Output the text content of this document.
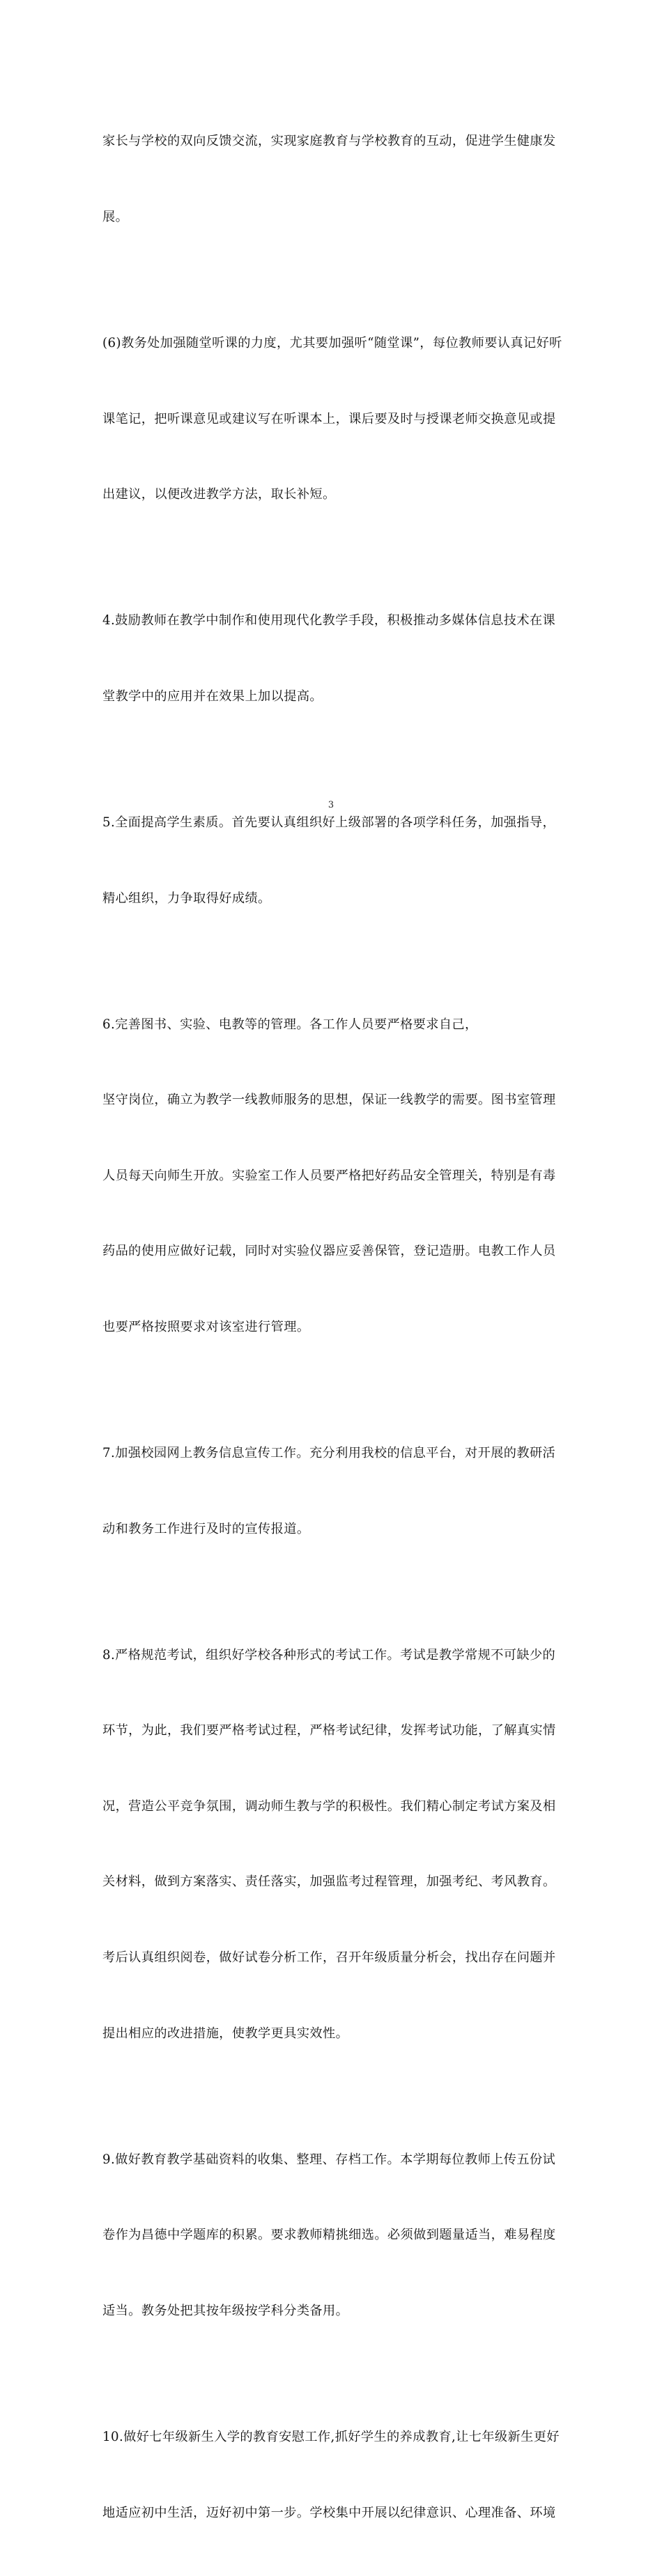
家长与学校的双向反馈交流，实现家庭教育与学校教育的互动，促进学生健康发

展。

(6)教务处加强随堂听课的力度，尤其要加强听“随堂课”，每位教师要认真记好听

课笔记，把听课意见或建议写在听课本上，课后要及时与授课老师交换意见或提

出建议，以便改进教学方法，取长补短。

4.鼓励教师在教学中制作和使用现代化教学手段，积极推动多媒体信息技术在课

堂教学中的应用并在效果上加以提高。

5.全面提高学生素质。首先要认真组织好上级部署的各项学科任务，加强指导，

精心组织，力争取得好成绩。

6.完善图书、实验、电教等的管理。各工作人员要严格要求自己，

坚守岗位，确立为教学一线教师服务的思想，保证一线教学的需要。图书室管理

人员每天向师生开放。实验室工作人员要严格把好药品安全管理关，特别是有毒

药品的使用应做好记载，同时对实验仪器应妥善保管，登记造册。电教工作人员

也要严格按照要求对该室进行管理。

7.加强校园网上教务信息宣传工作。充分利用我校的信息平台，对开展的教研活

动和教务工作进行及时的宣传报道。

8.严格规范考试，组织好学校各种形式的考试工作。考试是教学常规不可缺少的

环节，为此，我们要严格考试过程，严格考试纪律，发挥考试功能，了解真实情

况，营造公平竞争氛围，调动师生教与学的积极性。我们精心制定考试方案及相

关材料，做到方案落实、责任落实，加强监考过程管理，加强考纪、考风教育。

考后认真组织阅卷，做好试卷分析工作，召开年级质量分析会，找出存在问题并

提出相应的改进措施，使教学更具实效性。

9.做好教育教学基础资料的收集、整理、存档工作。本学期每位教师上传五份试

卷作为昌德中学题库的积累。要求教师精挑细选。必须做到题量适当，难易程度

适当。教务处把其按年级按学科分类备用。

10.做好七年级新生入学的教育安慰工作,抓好学生的养成教育,让七年级新生更好

地适应初中生活，迈好初中第一步。学校集中开展以纪律意识、心理准备、环境

3
